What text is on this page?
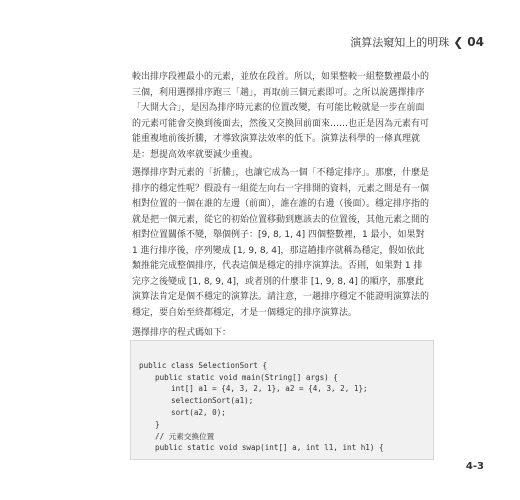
演算法窺知上的明珠 ❮ 04
較出排序段裡最小的元素，並放在段首。所以，如果整較一組整數裡最小的三個，利用選擇排序跑三「趟」，再取前三個元素即可。之所以說選擇排序「大開大合」，是因為排序時元素的位置改變，有可能比較就是一步在前面的元素可能會交換到後面去，然後又交換回前面來……也正是因為元素有可能重複地前後折騰，才導致演算法效率的低下。演算法科學的一條真理就是：想提高效率就要減少重複。
選擇排序對元素的「折騰」，也讓它成為一個「不穩定排序」。那麼，什麼是排序的穩定性呢？假設有一組從左向右一字排開的資料，元素之間是有一個相對位置的一個在誰的左邊（前面），誰在誰的右邊（後面）。穩定排序指的就是把一個元素，從它的初始位置移動到應該去的位置後，其他元素之間的相對位置關係不變，舉個例子：[9, 8, 1, 4] 四個整數裡，1 最小，如果對 1 進行排序後，序列變成 [1, 9, 8, 4]，那這趟排序就稱為穩定，假如依此類推能完成整個排序，代表這個是穩定的排序演算法。否則，如果對 1 排完序之後變成 [1, 8, 9, 4]，或者別的什麼非 [1, 9, 8, 4] 的順序，那麼此演算法肯定是個不穩定的演算法。請注意，一趟排序穩定不能證明演算法的穩定，要自始至終都穩定，才是一個穩定的排序演算法。
選擇排序的程式碼如下：

public class SelectionSort {
public static void main(String[] args) {
int[] a1 = {4, 3, 2, 1}, a2 = {4, 3, 2, 1};
selectionSort(a1);
sort(a2, 0);
}
// 元素交換位置
public static void swap(int[] a, int l1, int h1) {

4-3
